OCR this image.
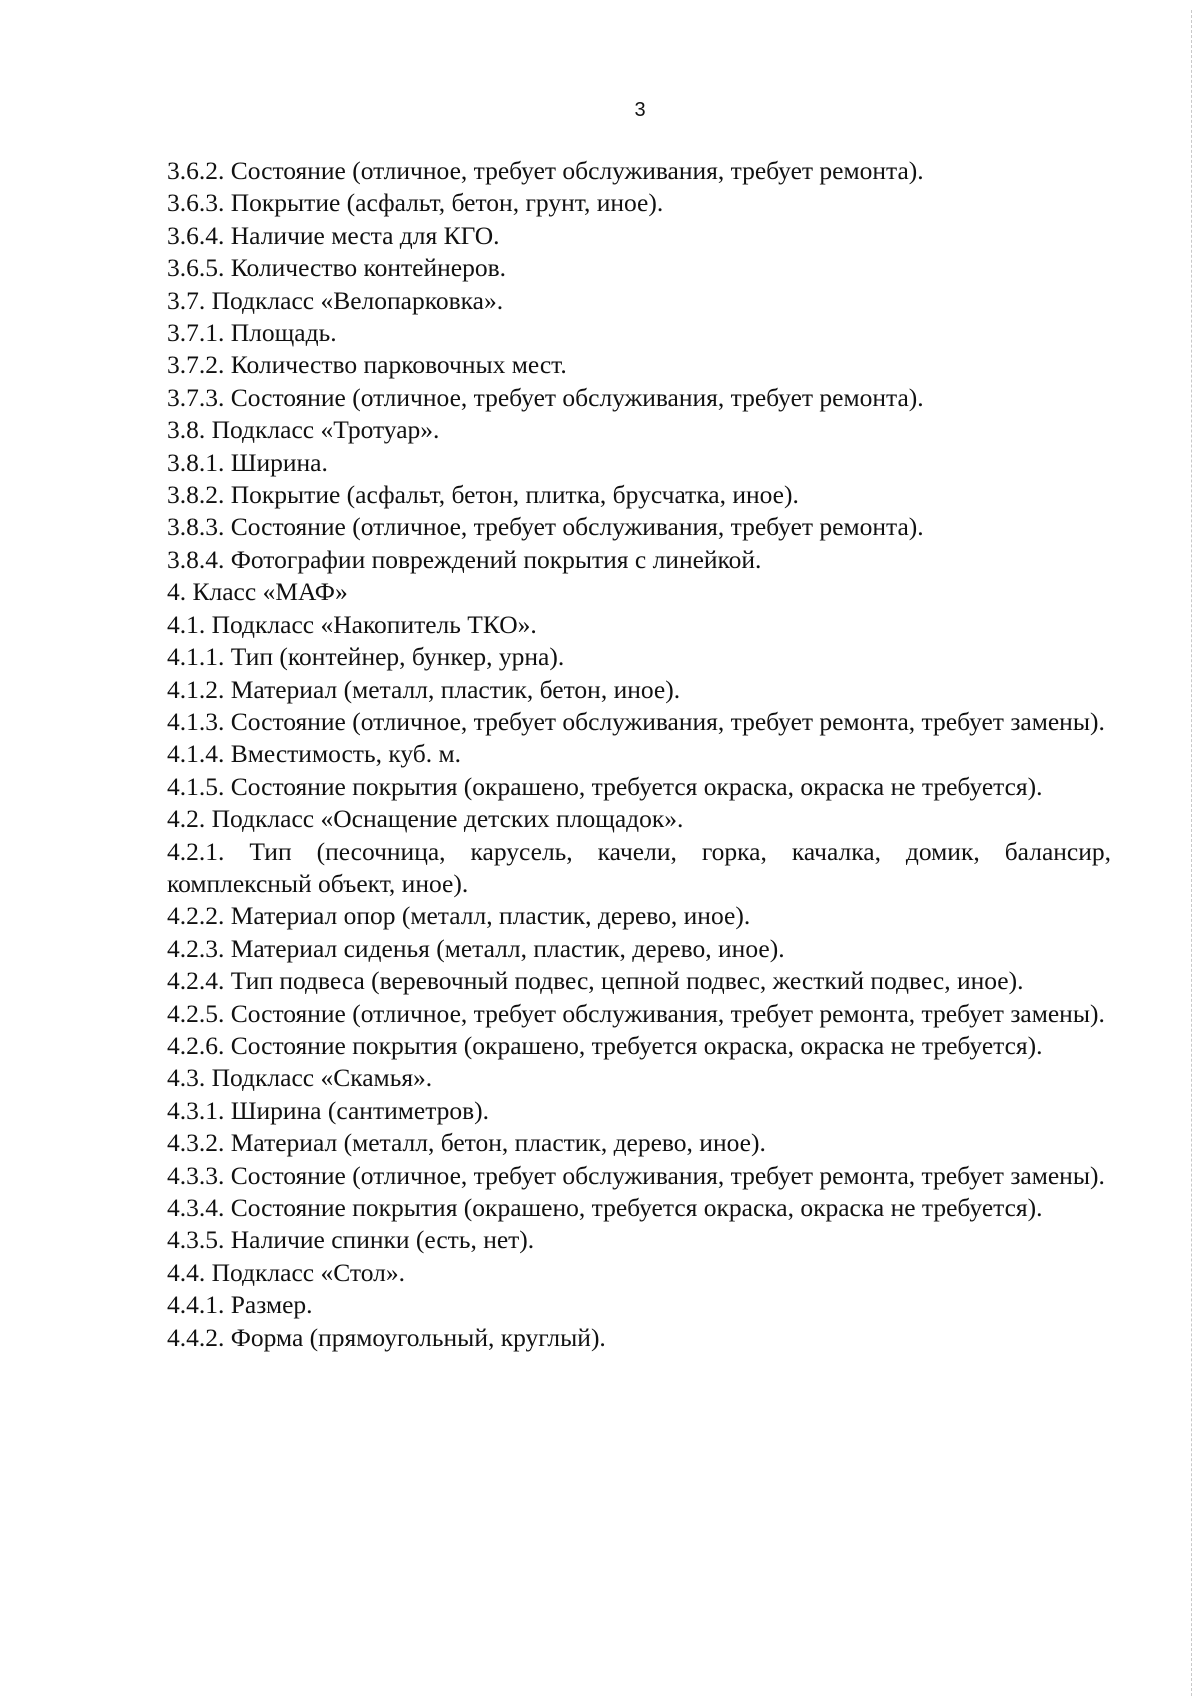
3

3.6.2. Состояние (отличное, требует обслуживания, требует ремонта).

3.6.3. Покрытие (асфальт, бетон, грунт, иное).

3.6.4. Наличие места для КГО.

3.6.5. Количество контейнеров.

3.7. Подкласс «Велопарковка».

3.7.1. Площадь.

3.7.2. Количество парковочных мест.

3.7.3. Состояние (отличное, требует обслуживания, требует ремонта).

3.8. Подкласс «Тротуар».

3.8.1. Ширина.

3.8.2. Покрытие (асфальт, бетон, плитка, брусчатка, иное).

3.8.3. Состояние (отличное, требует обслуживания, требует ремонта).

3.8.4. Фотографии повреждений покрытия с линейкой.

4. Класс «МАФ»

4.1. Подкласс «Накопитель ТКО».

4.1.1. Тип (контейнер, бункер, урна).

4.1.2. Материал (металл, пластик, бетон, иное).

4.1.3. Состояние (отличное, требует обслуживания, требует ремонта, требует замены).

4.1.4. Вместимость, куб. м.

4.1.5. Состояние покрытия (окрашено, требуется окраска, окраска не требуется).

4.2. Подкласс «Оснащение детских площадок».

4.2.1. Тип (песочница, карусель, качели, горка, качалка, домик, балансир, комплексный объект, иное).

4.2.2. Материал опор (металл, пластик, дерево, иное).

4.2.3. Материал сиденья (металл, пластик, дерево, иное).

4.2.4. Тип подвеса (веревочный подвес, цепной подвес, жесткий подвес, иное).

4.2.5. Состояние (отличное, требует обслуживания, требует ремонта, требует замены).

4.2.6. Состояние покрытия (окрашено, требуется окраска, окраска не требуется).

4.3. Подкласс «Скамья».

4.3.1. Ширина (сантиметров).

4.3.2. Материал (металл, бетон, пластик, дерево, иное).

4.3.3. Состояние (отличное, требует обслуживания, требует ремонта, требует замены).

4.3.4. Состояние покрытия (окрашено, требуется окраска, окраска не требуется).

4.3.5. Наличие спинки (есть, нет).

4.4. Подкласс «Стол».

4.4.1. Размер.

4.4.2. Форма (прямоугольный, круглый).
